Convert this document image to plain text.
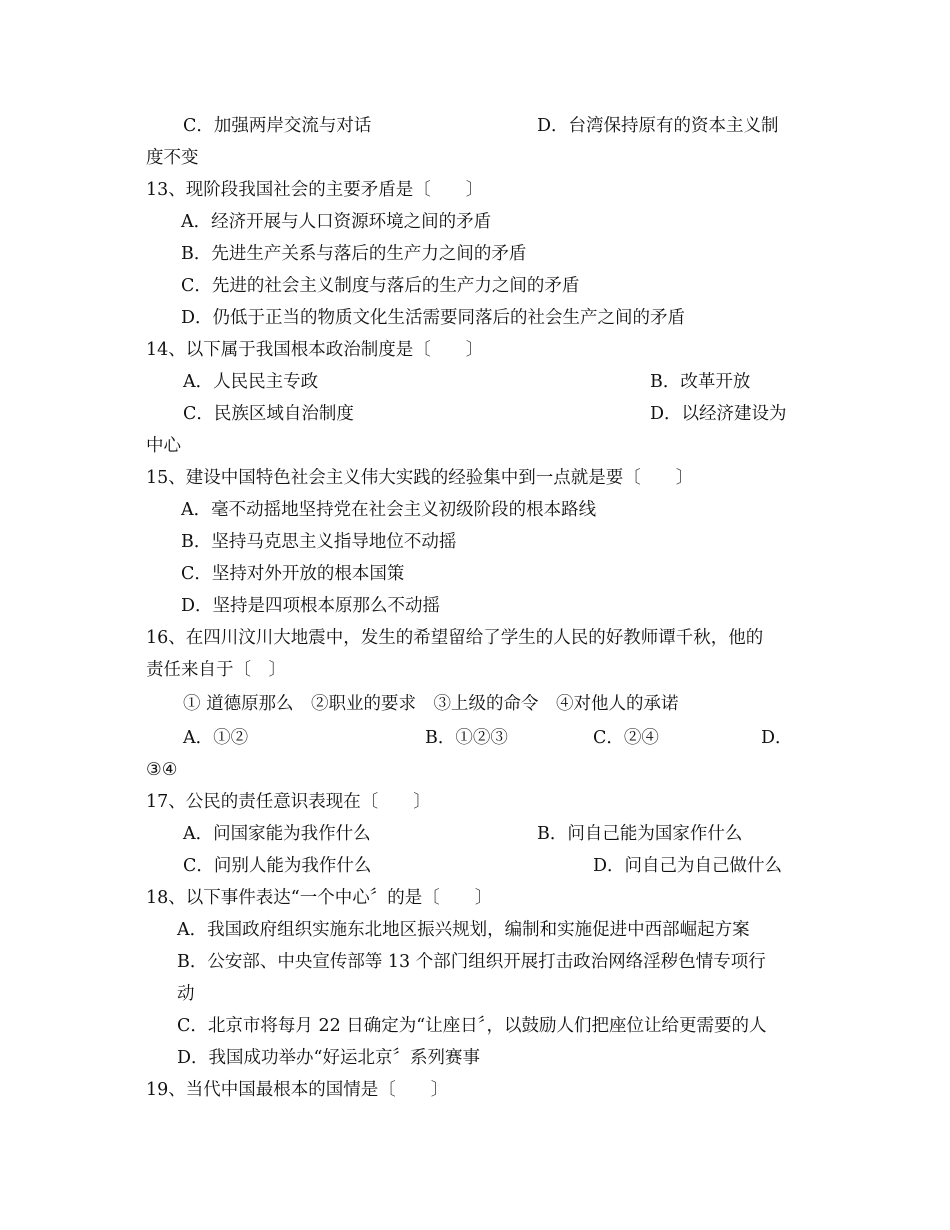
C．加强两岸交流与对话	D．台湾保持原有的资本主义制
度不变
13、现阶段我国社会的主要矛盾是〔　　〕
A．经济开展与人口资源环境之间的矛盾
B．先进生产关系与落后的生产力之间的矛盾
C．先进的社会主义制度与落后的生产力之间的矛盾
D．仍低于正当的物质文化生活需要同落后的社会生产之间的矛盾
14、以下属于我国根本政治制度是〔　　〕
A．人民民主专政	B．改革开放
C．民族区域自治制度	D．以经济建设为
中心
15、建设中国特色社会主义伟大实践的经验集中到一点就是要〔　　〕
A．毫不动摇地坚持党在社会主义初级阶段的根本路线
B．坚持马克思主义指导地位不动摇
C．坚持对外开放的根本国策
D．坚持是四项根本原那么不动摇
16、在四川汶川大地震中，发生的希望留给了学生的人民的好教师谭千秋，他的
责任来自于〔　〕
① 道德原那么　②职业的要求　③上级的命令　④对他人的承诺
A．①②	B．①②③	C．②④	D．
③④
17、公民的责任意识表现在〔　　〕
A．问国家能为我作什么	B．问自己能为国家作什么
C．问别人能为我作什么	D．问自己为自己做什么
18、以下事件表达“一个中心〞的是〔　　〕
A．我国政府组织实施东北地区振兴规划，编制和实施促进中西部崛起方案
B．公安部、中央宣传部等 13 个部门组织开展打击政治网络淫秽色情专项行
动
C．北京市将每月 22 日确定为“让座日〞，以鼓励人们把座位让给更需要的人
D．我国成功举办“好运北京〞系列赛事
19、当代中国最根本的国情是〔　　〕
